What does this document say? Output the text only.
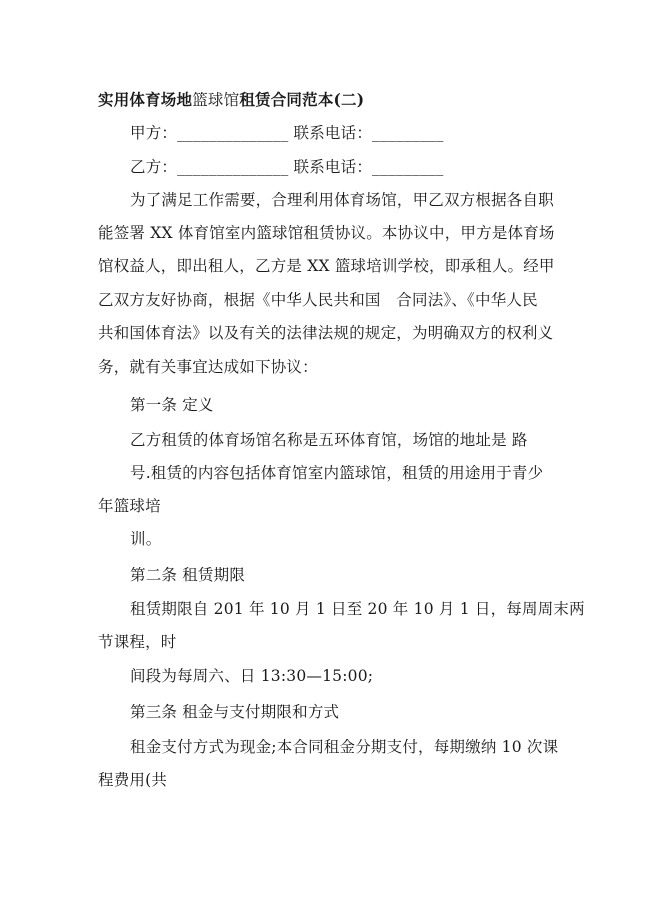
实用体育场地篮球馆租赁合同范本(二)
甲方：______________ 联系电话：_________
乙方：______________ 联系电话：_________
为了满足工作需要，合理利用体育场馆，甲乙双方根据各自职
能签署 XX 体育馆室内篮球馆租赁协议。本协议中，甲方是体育场
馆权益人，即出租人，乙方是 XX 篮球培训学校，即承租人。经甲
乙双方友好协商，根据《中华人民共和国　合同法》、《中华人民
共和国体育法》以及有关的法律法规的规定，为明确双方的权利义
务，就有关事宜达成如下协议：
第一条 定义
乙方租赁的体育场馆名称是五环体育馆，场馆的地址是 路
号.租赁的内容包括体育馆室内篮球馆，租赁的用途用于青少
年篮球培
训。
第二条 租赁期限
租赁期限自 201 年 10 月 1 日至 20 年 10 月 1 日，每周周末两
节课程，时
间段为每周六、日 13:30—15:00;
第三条 租金与支付期限和方式
租金支付方式为现金;本合同租金分期支付，每期缴纳 10 次课
程费用(共
